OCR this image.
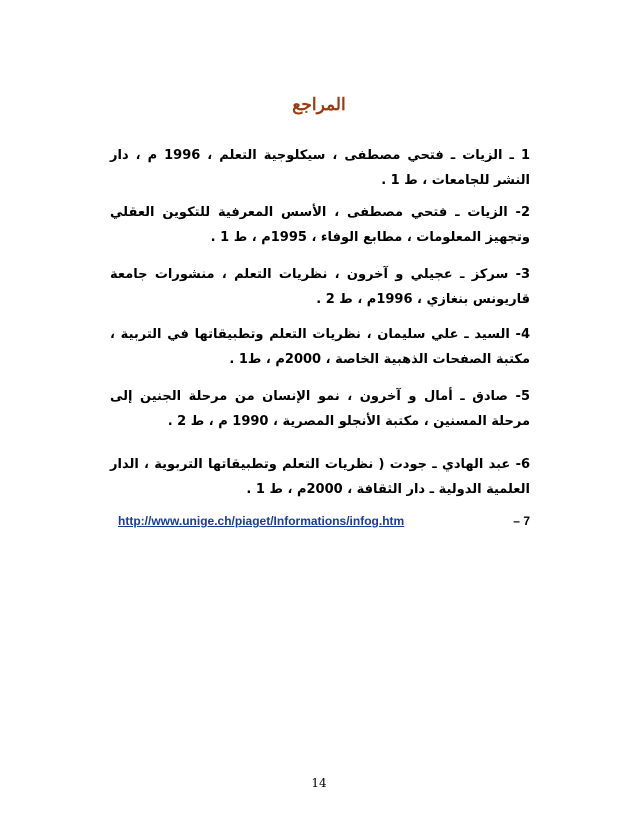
المراجع
1 ـ الزيات ـ فتحي مصطفى ، سيكلوجية التعلم ، 1996 م ، دار النشر للجامعات ، ط 1 .
2- الزيات ـ فتحي مصطفى ، الأسس المعرفية للتكوين العقلي وتجهيز المعلومات ، مطابع الوفاء ، 1995م ، ط 1 .
3- سركز ـ عجيلي و آخرون ، نظريات التعلم ، منشورات جامعة قاريونس بنغازي ، 1996م ، ط 2 .
4- السيد ـ علي سليمان ، نظريات التعلم وتطبيقاتها في التربية ، مكتبة الصفحات الذهبية الخاصة ، 2000م ، ط1 .
5- صادق ـ أمال و آخرون ، نمو الإنسان من مرحلة الجنين إلى مرحلة المسنين ، مكتبة الأنجلو المصرية ، 1990 م ، ط 2 .
6- عبد الهادي ـ جودت ( نظريات التعلم وتطبيقاتها التربوية ، الدار العلمية الدولية ـ دار الثقافة ، 2000م ، ط 1 .
http://www.unige.ch/piaget/Informations/infog.htm	7 –
14
